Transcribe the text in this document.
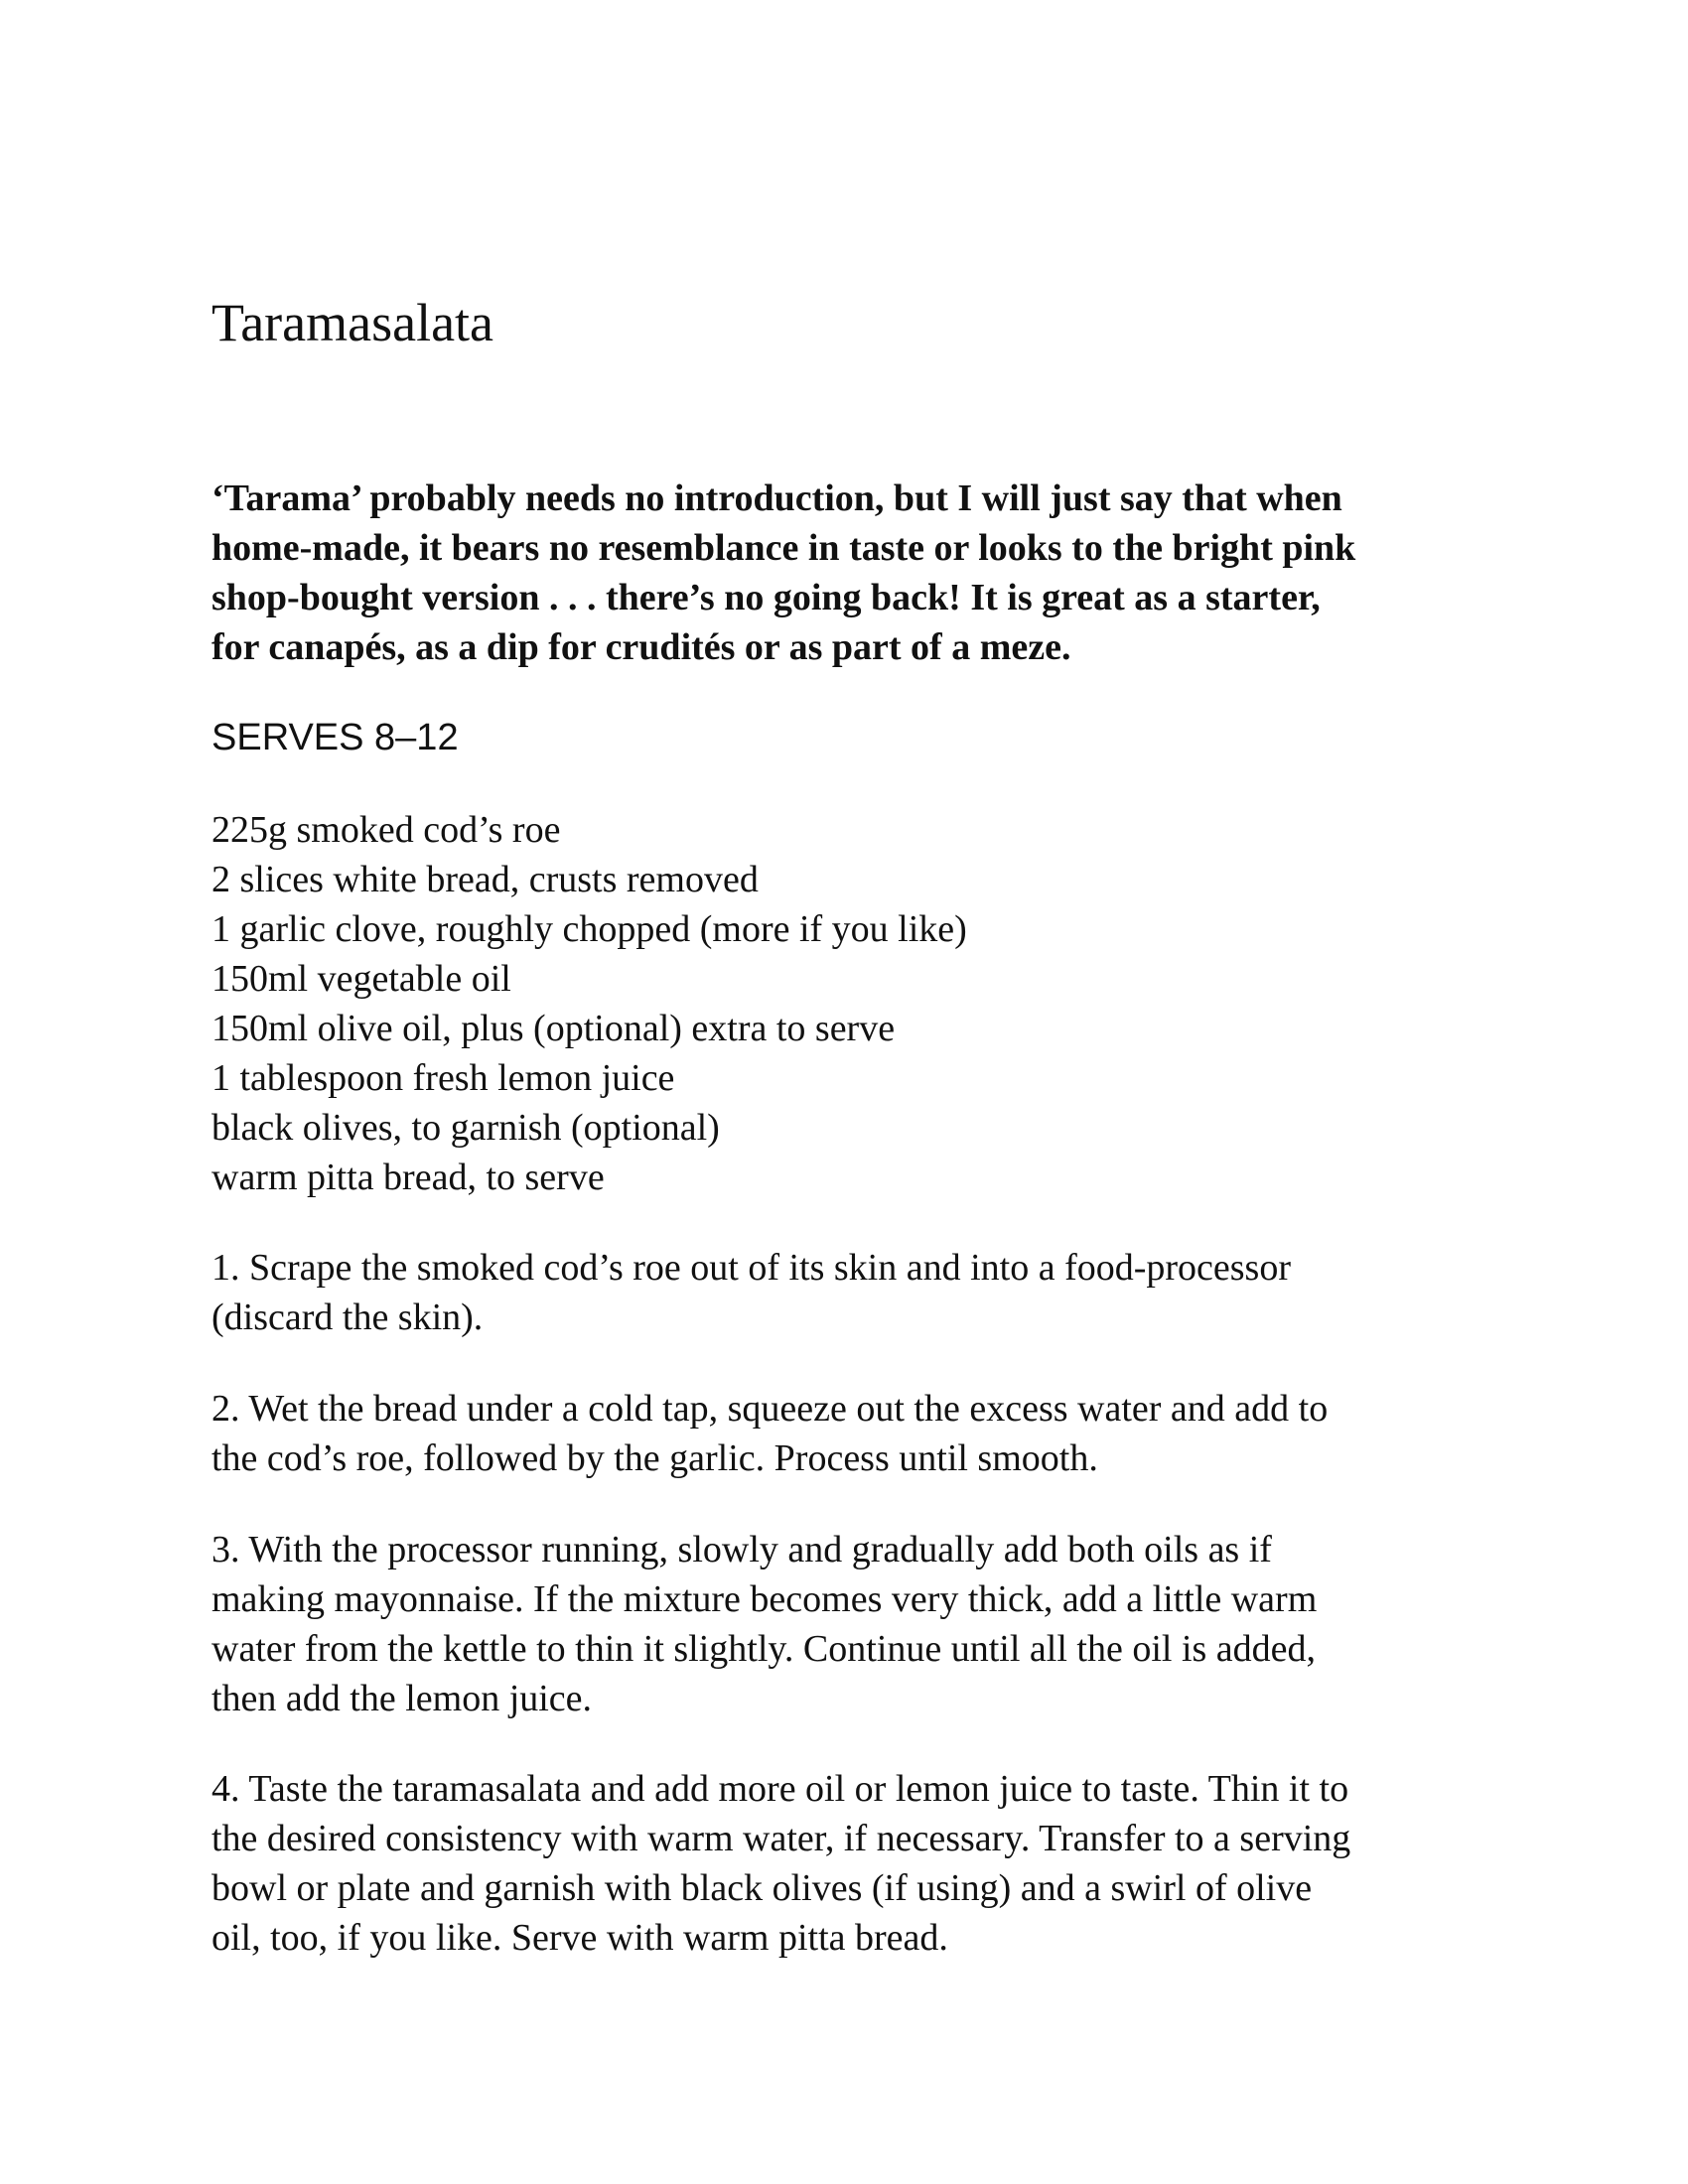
Taramasalata

‘Tarama’ probably needs no introduction, but I will just say that when
home-made, it bears no resemblance in taste or looks to the bright pink
shop-bought version . . . there’s no going back! It is great as a starter,
for canapés, as a dip for crudités or as part of a meze.

SERVES 8–12

225g smoked cod’s roe
2 slices white bread, crusts removed
1 garlic clove, roughly chopped (more if you like)
150ml vegetable oil
150ml olive oil, plus (optional) extra to serve
1 tablespoon fresh lemon juice
black olives, to garnish (optional)
warm pitta bread, to serve

1. Scrape the smoked cod’s roe out of its skin and into a food-processor
(discard the skin).

2. Wet the bread under a cold tap, squeeze out the excess water and add to
the cod’s roe, followed by the garlic. Process until smooth.

3. With the processor running, slowly and gradually add both oils as if
making mayonnaise. If the mixture becomes very thick, add a little warm
water from the kettle to thin it slightly. Continue until all the oil is added,
then add the lemon juice.

4. Taste the taramasalata and add more oil or lemon juice to taste. Thin it to
the desired consistency with warm water, if necessary. Transfer to a serving
bowl or plate and garnish with black olives (if using) and a swirl of olive
oil, too, if you like. Serve with warm pitta bread.
